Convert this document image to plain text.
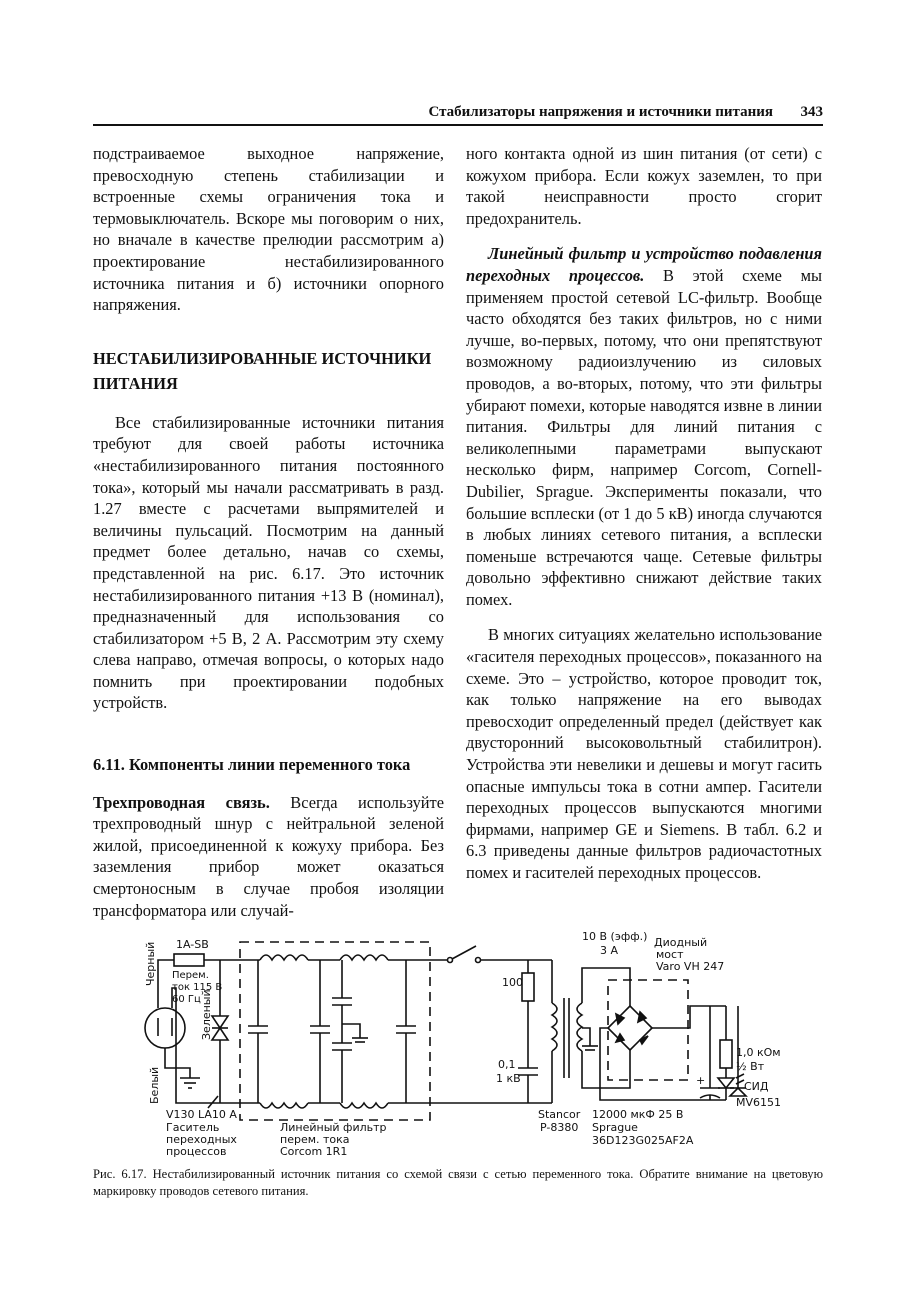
Стабилизаторы напряжения и источники питания 343

подстраиваемое выходное напряжение, превосходную степень стабилизации и встроенные схемы ограничения тока и термовыключатель. Вскоре мы поговорим о них, но вначале в качестве прелюдии рассмотрим а) проектирование нестабилизированного источника питания и б) источники опорного напряжения.

НЕСТАБИЛИЗИРОВАННЫЕ ИСТОЧНИКИ ПИТАНИЯ

Все стабилизированные источники питания требуют для своей работы источника «нестабилизированного питания постоянного тока», который мы начали рассматривать в разд. 1.27 вместе с расчетами выпрямителей и величины пульсаций. Посмотрим на данный предмет более детально, начав со схемы, представленной на рис. 6.17. Это источник нестабилизированного питания +13 В (номинал), предназначенный для использования со стабилизатором +5 В, 2 А. Рассмотрим эту схему слева направо, отмечая вопросы, о которых надо помнить при проектировании подобных устройств.

6.11. Компоненты линии переменного тока

Трехпроводная связь. Всегда используйте трехпроводный шнур с нейтральной зеленой жилой, присоединенной к кожуху прибора. Без заземления прибор может оказаться смертоносным в случае пробоя изоляции трансформатора или случай-

ного контакта одной из шин питания (от сети) с кожухом прибора. Если кожух заземлен, то при такой неисправности просто сгорит предохранитель.

Линейный фильтр и устройство подавления переходных процессов. В этой схеме мы применяем простой сетевой LC-фильтр. Вообще часто обходятся без таких фильтров, но с ними лучше, во-первых, потому, что они препятствуют возможному радиоизлучению из силовых проводов, а во-вторых, потому, что эти фильтры убирают помехи, которые наводятся извне в линии питания. Фильтры для линий питания с великолепными параметрами выпускают несколько фирм, например Corcom, Cornell-Dubilier, Sprague. Эксперименты показали, что большие всплески (от 1 до 5 кВ) иногда случаются в любых линиях сетевого питания, а всплески поменьше встречаются чаще. Сетевые фильтры довольно эффективно снижают действие таких помех.

В многих ситуациях желательно использование «гасителя переходных процессов», показанного на схеме. Это – устройство, которое проводит ток, как только напряжение на его выводах превосходит определенный предел (действует как двусторонний высоковольтный стабилитрон). Устройства эти невелики и дешевы и могут гасить опасные импульсы тока в сотни ампер. Гасители переходных процессов выпускаются многими фирмами, например GE и Siemens. В табл. 6.2 и 6.3 приведены данные фильтров радиочастотных помех и гасителей переходных процессов.

1A-SB
Черный
Зеленый
Белый
Перем.
ток 115 В
60 Гц
V130 LA10 A
Гаситель
переходных
процессов
Линейный фильтр
перем. тока
Corcom 1R1
100
0,1
1 кВ
Stancor
P-8380
10 В (эфф.)
3 А
Диодный
мост
Varo VH 247
1,0 кОм
½ Вт
СИД
+
12000 мкФ 25 В
Sprague
36D123G025AF2A
MV6151
Рис. 6.17. Нестабилизированный источник питания со схемой связи с сетью переменного тока. Обратите внимание на цветовую маркировку проводов сетевого питания.
